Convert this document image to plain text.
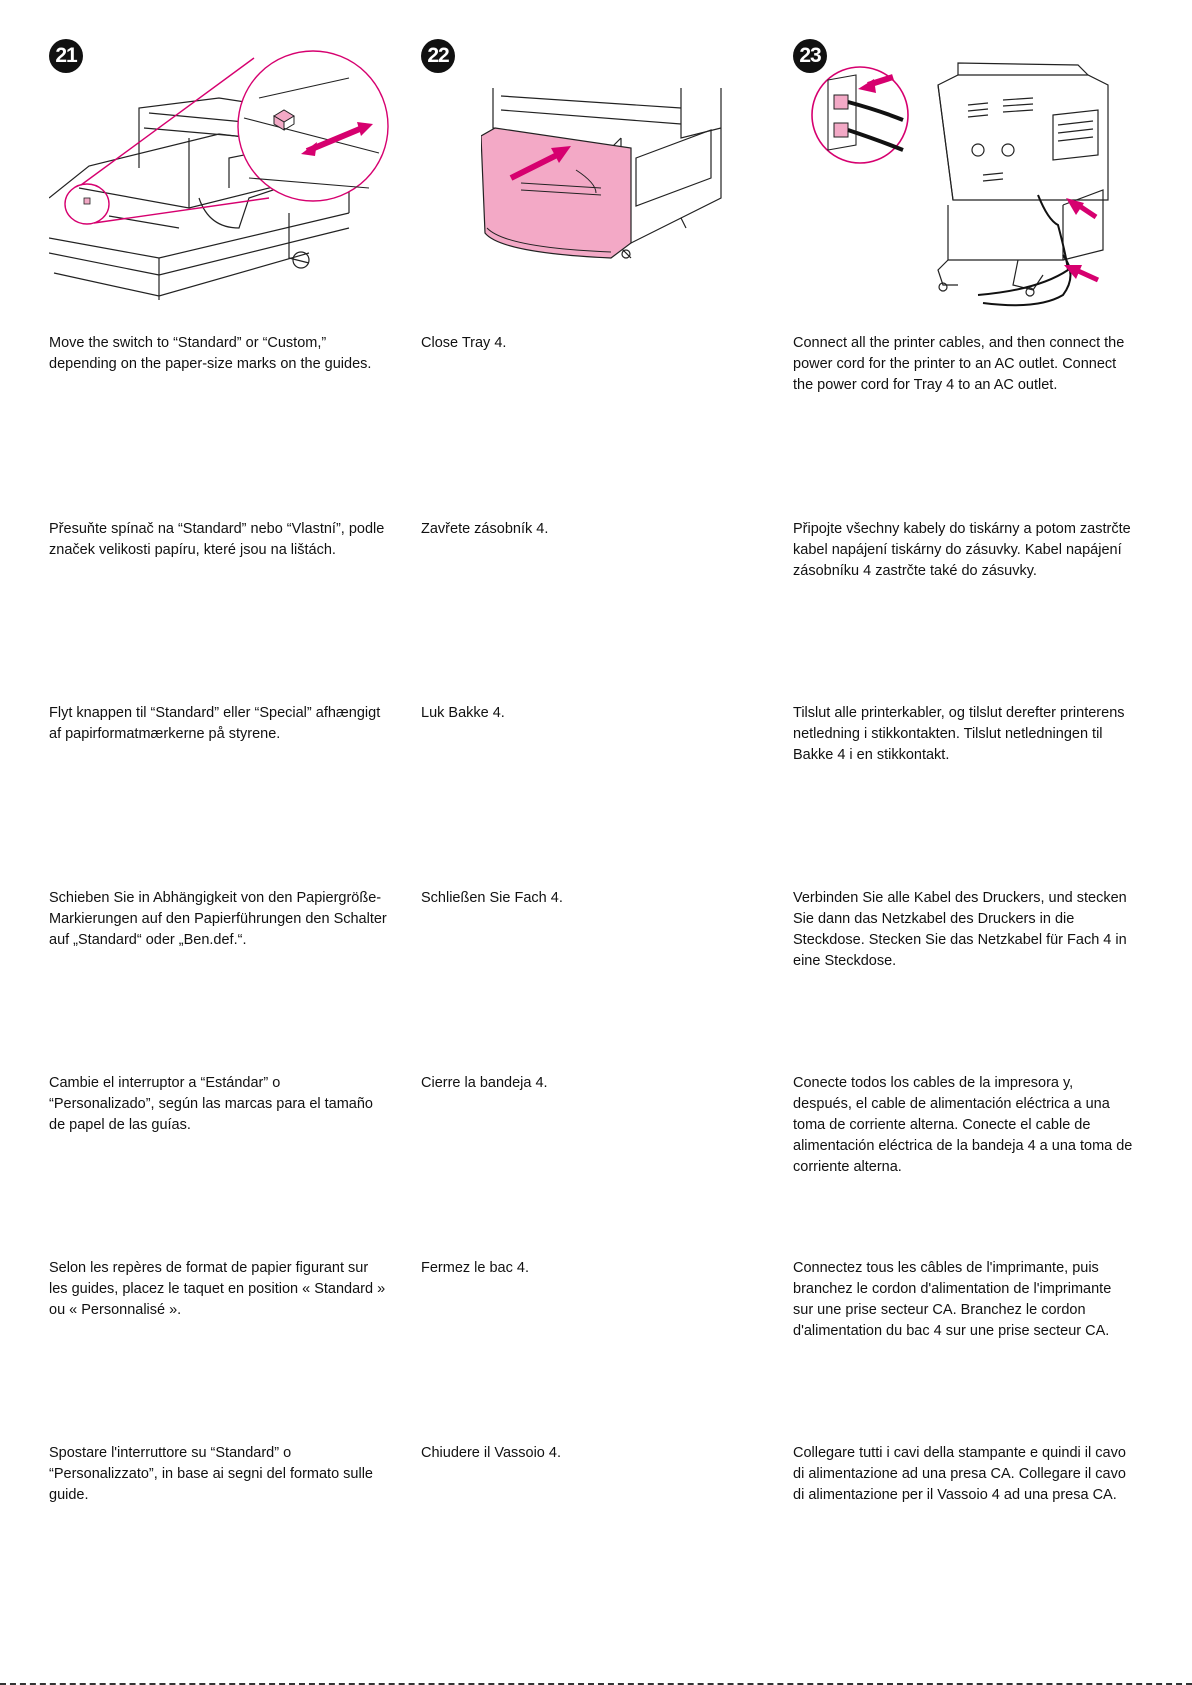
21

Move the switch to “Standard” or “Custom,” depending on the paper-size marks on the guides.

Přesuňte spínač na “Standard” nebo “Vlastní”, podle značek velikosti papíru, které jsou na lištách.

Flyt knappen til “Standard” eller “Special” afhængigt af papirformatmærkerne på styrene.

Schieben Sie in Abhängigkeit von den Papiergröße-Markierungen auf den Papierführungen den Schalter auf „Standard“ oder „Ben.def.“.

Cambie el interruptor a “Estándar” o “Personalizado”, según las marcas para el tamaño de papel de las guías.

Selon les repères de format de papier figurant sur les guides, placez le taquet en position « Standard » ou « Personnalisé ».

Spostare l'interruttore su “Standard” o “Personalizzato”, in base ai segni del formato sulle guide.

22

Close Tray 4.

Zavřete zásobník 4.

Luk Bakke 4.

Schließen Sie Fach 4.

Cierre la bandeja 4.

Fermez le bac 4.

Chiudere il Vassoio 4.

23

Connect all the printer cables, and then connect the power cord for the printer to an AC outlet. Connect the power cord for Tray 4 to an AC outlet.

Připojte všechny kabely do tiskárny a potom zastrčte kabel napájení tiskárny do zásuvky. Kabel napájení zásobníku 4 zastrčte také do zásuvky.

Tilslut alle printerkabler, og tilslut derefter printerens netledning i stikkontakten. Tilslut netledningen til Bakke 4 i en stikkontakt.

Verbinden Sie alle Kabel des Druckers, und stecken Sie dann das Netzkabel des Druckers in die Steckdose. Stecken Sie das Netzkabel für Fach 4 in eine Steckdose.

Conecte todos los cables de la impresora y, después, el cable de alimentación eléctrica a una toma de corriente alterna. Conecte el cable de alimentación eléctrica de la bandeja 4 a una toma de corriente alterna.

Connectez tous les câbles de l'imprimante, puis branchez le cordon d'alimentation de l'imprimante sur une prise secteur CA. Branchez le cordon d'alimentation du bac 4 sur une prise secteur CA.

Collegare tutti i cavi della stampante e quindi il cavo di alimentazione ad una presa CA. Collegare il cavo di alimentazione per il Vassoio 4 ad una presa CA.
